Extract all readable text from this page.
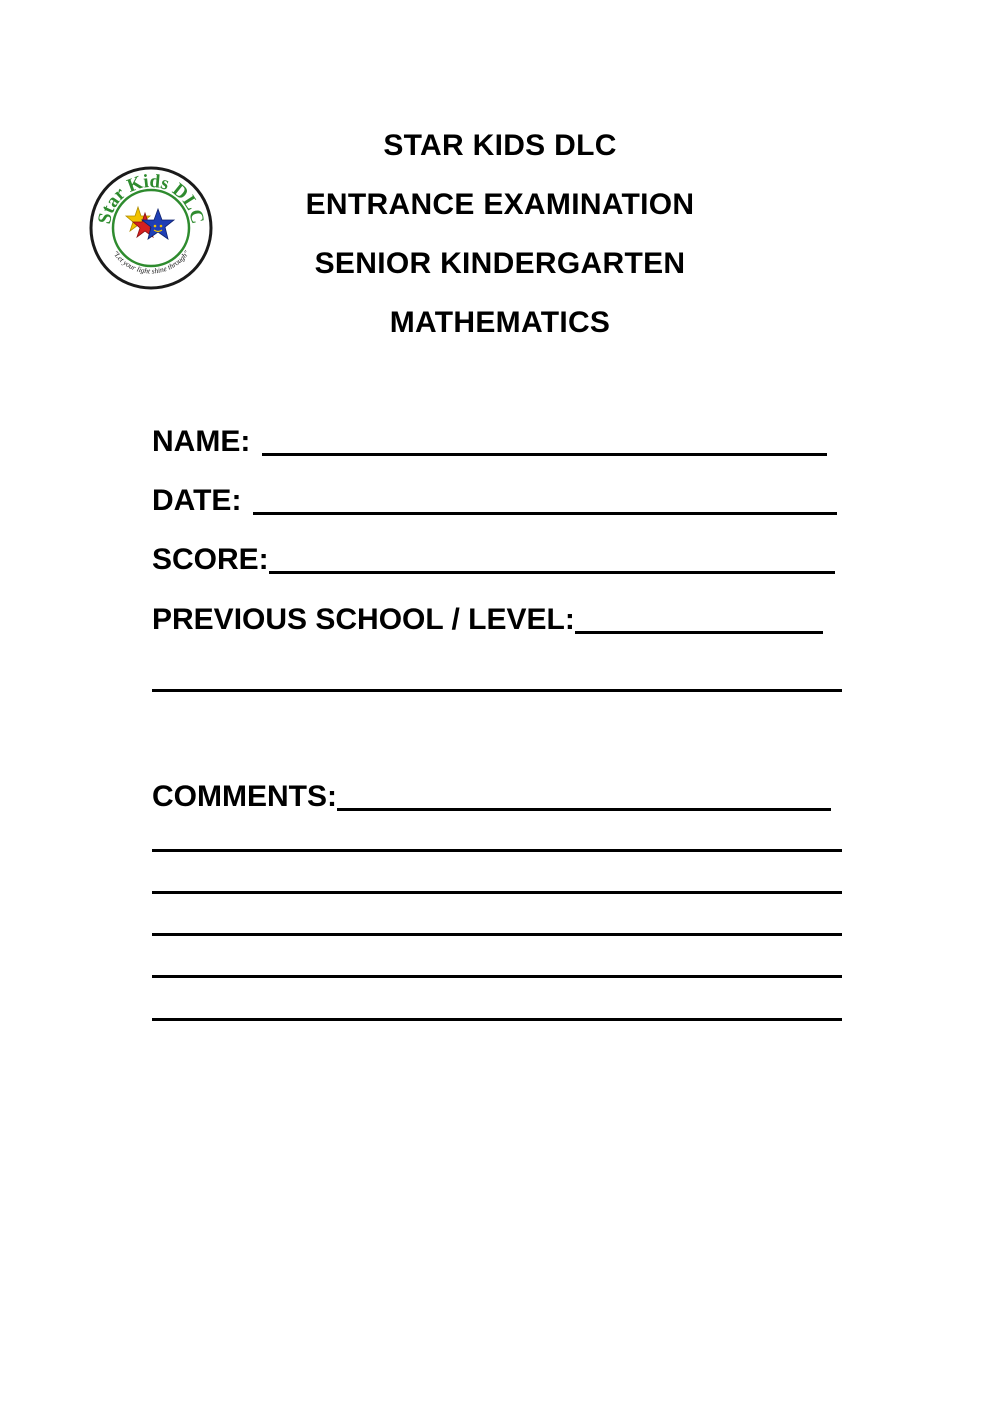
STAR KIDS DLC
ENTRANCE EXAMINATION
SENIOR KINDERGARTEN
MATHEMATICS
Star Kids DLC
"Let your light shine through"
NAME:
DATE:
SCORE:
PREVIOUS SCHOOL / LEVEL:
COMMENTS:
